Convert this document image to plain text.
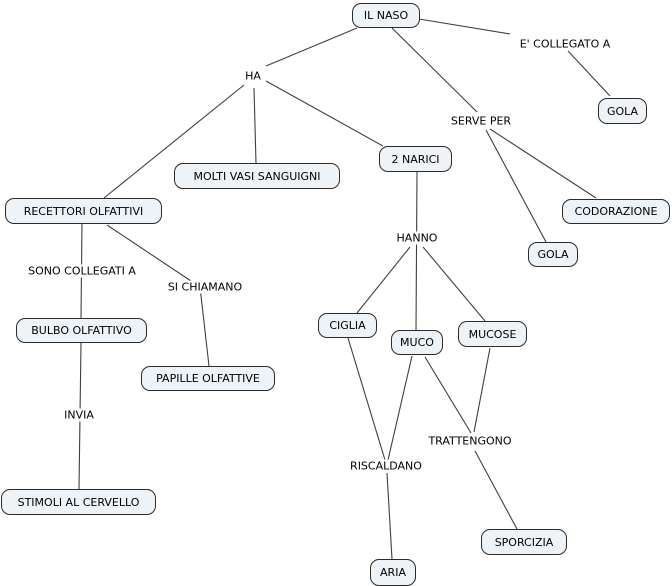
E' COLLEGATO A
HA
SERVE PER
HANNO
SONO COLLEGATI A
SI CHIAMANO
INVIA
RISCALDANO
TRATTENGONO
IL NASO
GOLA
MOLTI VASI SANGUIGNI
RECETTORI OLFATTIVI
2 NARICI
CODORAZIONE
GOLA
CIGLIA
MUCO
MUCOSE
BULBO OLFATTIVO
PAPILLE OLFATTIVE
STIMOLI AL CERVELLO
SPORCIZIA
ARIA
